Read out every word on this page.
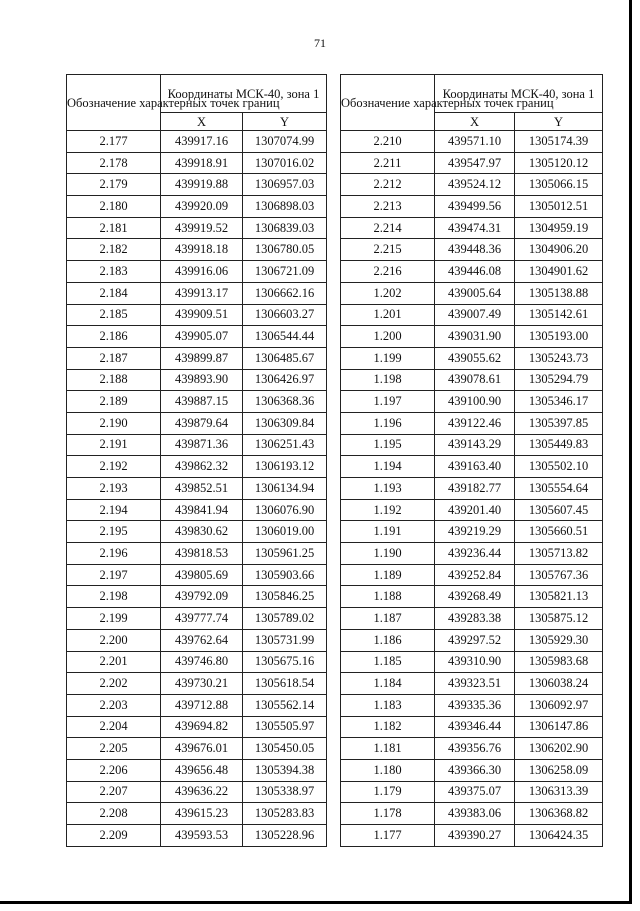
71
Обозначение характерных точек границ	Координаты МСК-40, зона 1	
	X	Y
2.177	439917.16	1307074.99
2.178	439918.91	1307016.02
2.179	439919.88	1306957.03
2.180	439920.09	1306898.03
2.181	439919.52	1306839.03
2.182	439918.18	1306780.05
2.183	439916.06	1306721.09
2.184	439913.17	1306662.16
2.185	439909.51	1306603.27
2.186	439905.07	1306544.44
2.187	439899.87	1306485.67
2.188	439893.90	1306426.97
2.189	439887.15	1306368.36
2.190	439879.64	1306309.84
2.191	439871.36	1306251.43
2.192	439862.32	1306193.12
2.193	439852.51	1306134.94
2.194	439841.94	1306076.90
2.195	439830.62	1306019.00
2.196	439818.53	1305961.25
2.197	439805.69	1305903.66
2.198	439792.09	1305846.25
2.199	439777.74	1305789.02
2.200	439762.64	1305731.99
2.201	439746.80	1305675.16
2.202	439730.21	1305618.54
2.203	439712.88	1305562.14
2.204	439694.82	1305505.97
2.205	439676.01	1305450.05
2.206	439656.48	1305394.38
2.207	439636.22	1305338.97
2.208	439615.23	1305283.83
2.209	439593.53	1305228.96
Обозначение характерных точек границ	Координаты МСК-40, зона 1	
	X	Y
2.210	439571.10	1305174.39
2.211	439547.97	1305120.12
2.212	439524.12	1305066.15
2.213	439499.56	1305012.51
2.214	439474.31	1304959.19
2.215	439448.36	1304906.20
2.216	439446.08	1304901.62
1.202	439005.64	1305138.88
1.201	439007.49	1305142.61
1.200	439031.90	1305193.00
1.199	439055.62	1305243.73
1.198	439078.61	1305294.79
1.197	439100.90	1305346.17
1.196	439122.46	1305397.85
1.195	439143.29	1305449.83
1.194	439163.40	1305502.10
1.193	439182.77	1305554.64
1.192	439201.40	1305607.45
1.191	439219.29	1305660.51
1.190	439236.44	1305713.82
1.189	439252.84	1305767.36
1.188	439268.49	1305821.13
1.187	439283.38	1305875.12
1.186	439297.52	1305929.30
1.185	439310.90	1305983.68
1.184	439323.51	1306038.24
1.183	439335.36	1306092.97
1.182	439346.44	1306147.86
1.181	439356.76	1306202.90
1.180	439366.30	1306258.09
1.179	439375.07	1306313.39
1.178	439383.06	1306368.82
1.177	439390.27	1306424.35
